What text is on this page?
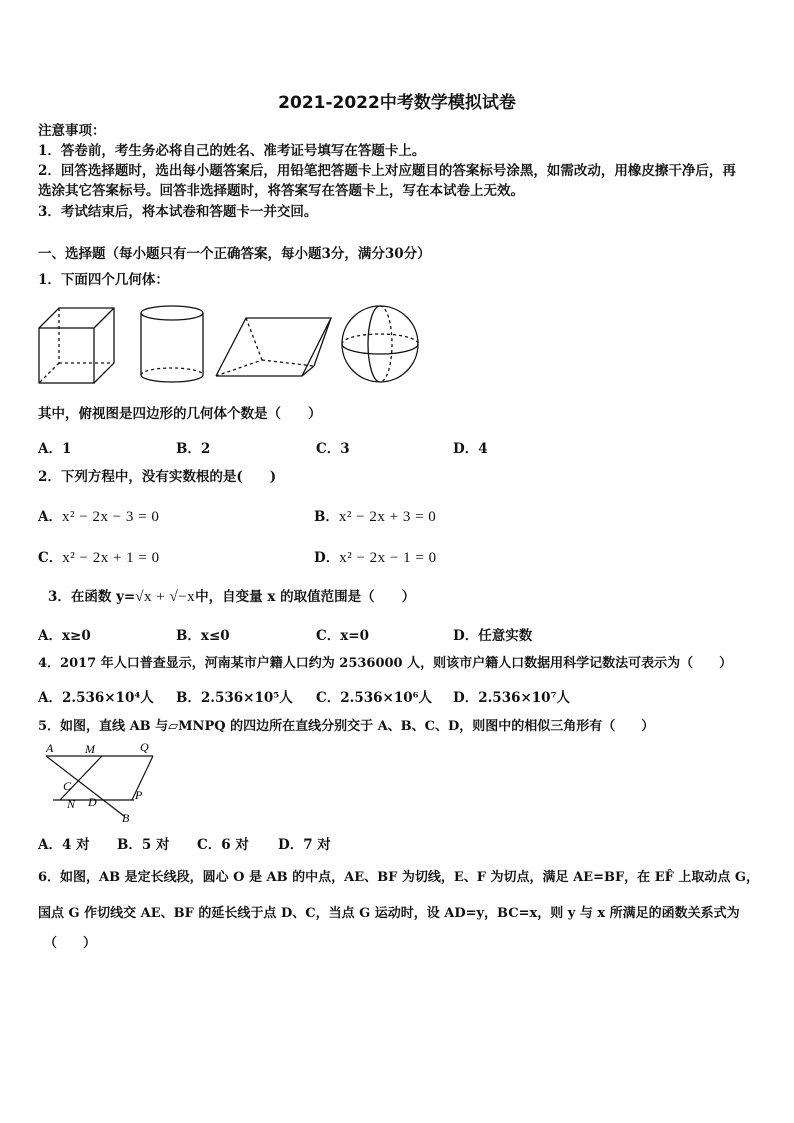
2021-2022中考数学模拟试卷
注意事项：
1．答卷前，考生务必将自己的姓名、准考证号填写在答题卡上。
2．回答选择题时，选出每小题答案后，用铅笔把答题卡上对应题目的答案标号涂黑，如需改动，用橡皮擦干净后，再
选涂其它答案标号。回答非选择题时，将答案写在答题卡上，写在本试卷上无效。
3．考试结束后，将本试卷和答题卡一并交回。
一、选择题（每小题只有一个正确答案，每小题3分，满分30分）
1．下面四个几何体：
其中，俯视图是四边形的几何体个数是（　　）
A．1	B．2	C．3	D．4
2．下列方程中，没有实数根的是(　　)
A．x² − 2x − 3 = 0	B．x² − 2x + 3 = 0
C．x² − 2x + 1 = 0	D．x² − 2x − 1 = 0
3．在函数 y=√x + √−x中，自变量 x 的取值范围是（　　）
A．x≥0	B．x≤0	C．x=0	D．任意实数
4．2017 年人口普查显示，河南某市户籍人口约为 2536000 人，则该市户籍人口数据用科学记数法可表示为（　　）
A．2.536×10⁴人 B．2.536×10⁵人 C．2.536×10⁶人 D．2.536×10⁷人
5．如图，直线 AB 与▱MNPQ 的四边所在直线分别交于 A、B、C、D，则图中的相似三角形有（　　）
A	M	Q
C
N D	P
B
A．4 对 B．5 对 C．6 对 D．7 对
6．如图，AB 是定长线段，圆心 O 是 AB 的中点，AE、BF 为切线，E、F 为切点，满足 AE=BF，在 EF̂ 上取动点 G，
国点 G 作切线交 AE、BF 的延长线于点 D、C，当点 G 运动时，设 AD=y，BC=x，则 y 与 x 所满足的函数关系式为
（　　）
